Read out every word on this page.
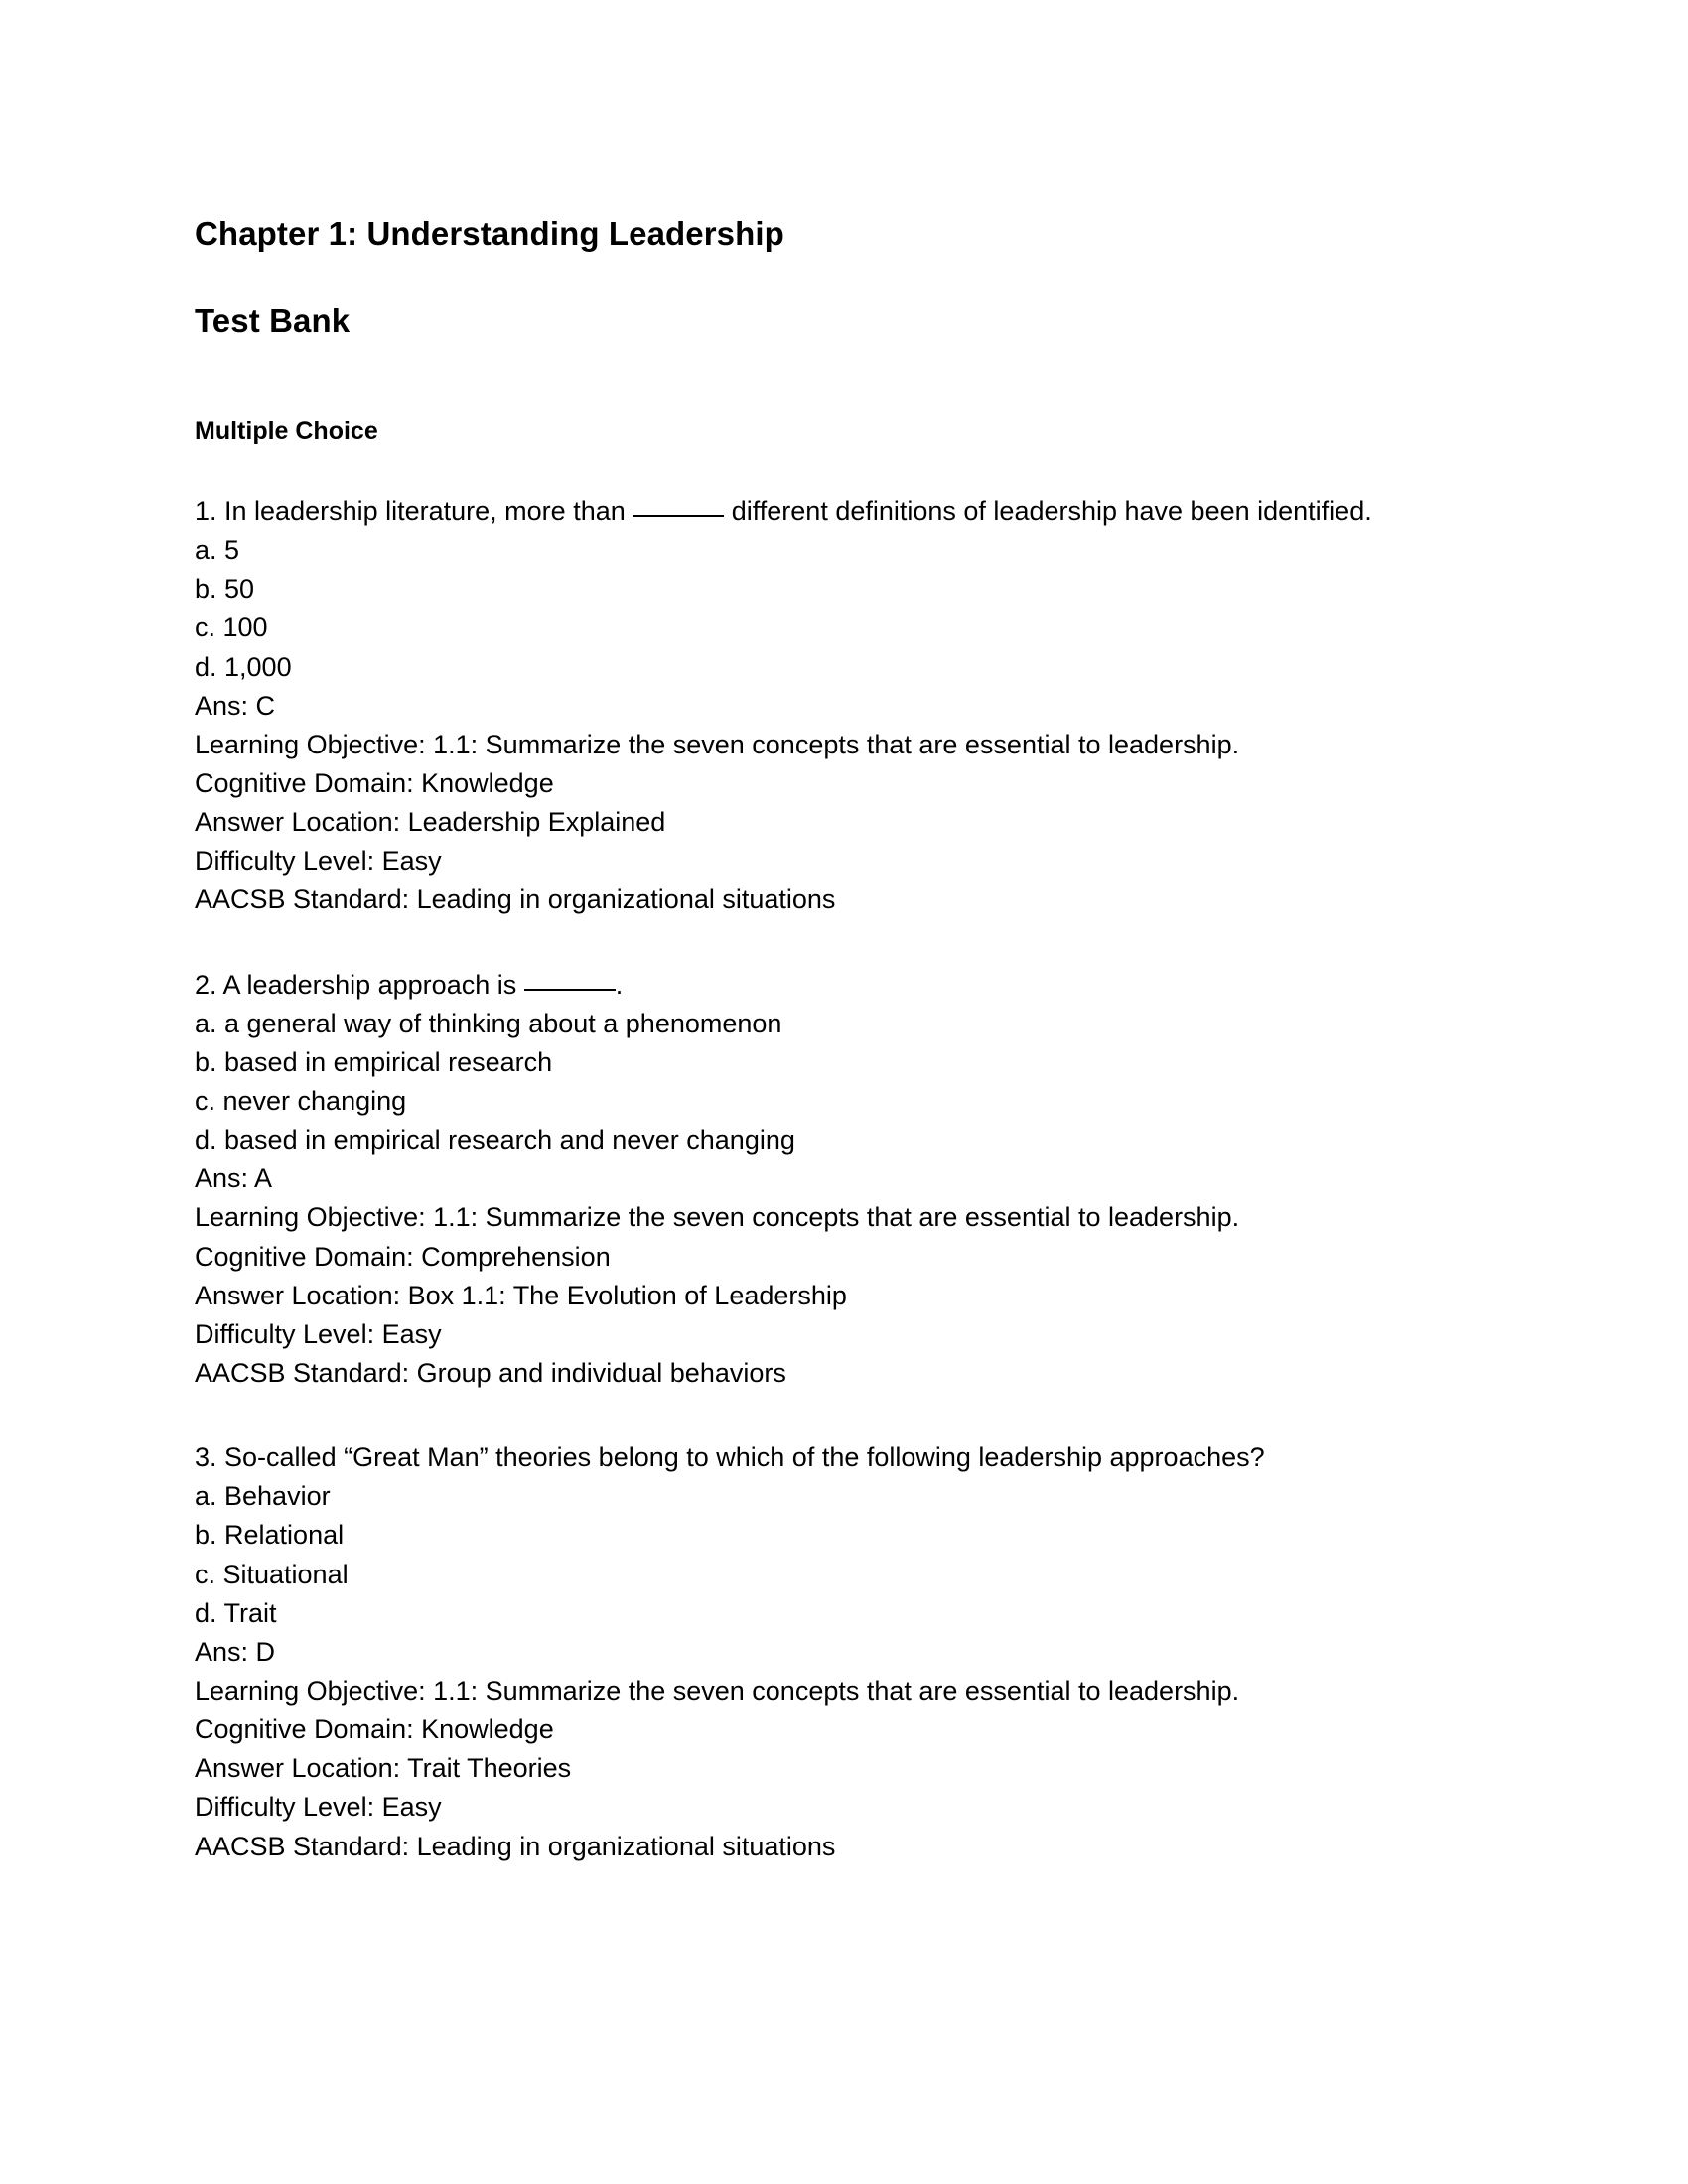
Chapter 1: Understanding Leadership
Test Bank
Multiple Choice

1. In leadership literature, more than	different definitions of leadership have been identified.

a. 5

b. 50

c. 100

d. 1,000

Ans: C

Learning Objective: 1.1: Summarize the seven concepts that are essential to leadership.

Cognitive Domain: Knowledge

Answer Location: Leadership Explained

Difficulty Level: Easy

AACSB Standard: Leading in organizational situations

2. A leadership approach is	.

a. a general way of thinking about a phenomenon

b. based in empirical research

c. never changing

d. based in empirical research and never changing

Ans: A

Learning Objective: 1.1: Summarize the seven concepts that are essential to leadership.

Cognitive Domain: Comprehension

Answer Location: Box 1.1: The Evolution of Leadership

Difficulty Level: Easy

AACSB Standard: Group and individual behaviors

3. So-called “Great Man” theories belong to which of the following leadership approaches?

a. Behavior

b. Relational

c. Situational

d. Trait

Ans: D

Learning Objective: 1.1: Summarize the seven concepts that are essential to leadership.

Cognitive Domain: Knowledge

Answer Location: Trait Theories

Difficulty Level: Easy

AACSB Standard: Leading in organizational situations
